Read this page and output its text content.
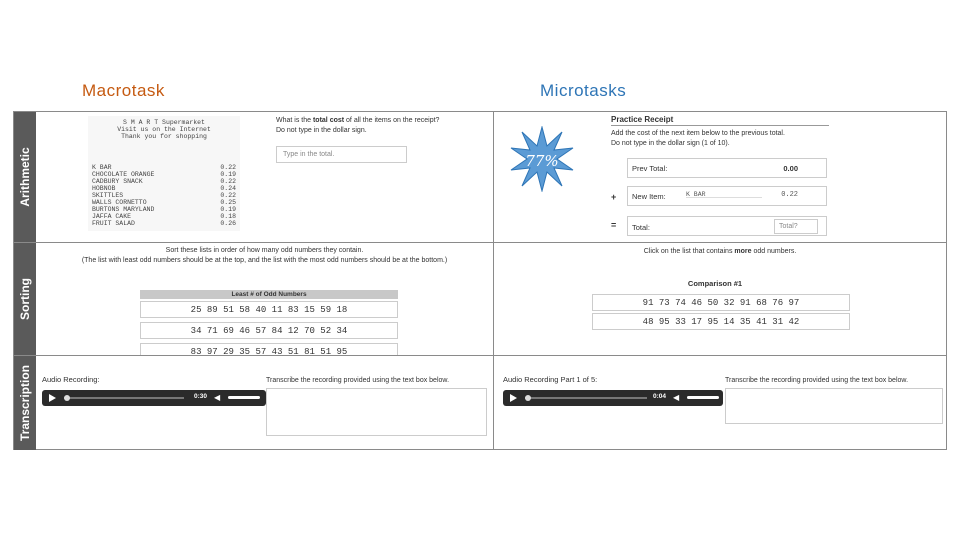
Macrotask	Microtasks
Arithmetic
Sorting
Transcription
S M A R T Supermarket
Visit us on the Internet
Thank you for shopping
K BAR	0.22
CHOCOLATE ORANGE	0.19
CADBURY SNACK	0.22
HOBNOB	0.24
SKITTLES	0.22
WALLS CORNETTO	0.25
BURTONS MARYLAND	0.19
JAFFA CAKE	0.18
FRUIT SALAD	0.26
What is the total cost of all the items on the receipt?
Do not type in the dollar sign.
Type in the total.	77%
Practice Receipt
Add the cost of the next item below to the previous total.
Do not type in the dollar sign (1 of 10).
Prev Total:	0.00
+ New Item:	K BAR	0.22
= Total:	Total?
Sort these lists in order of how many odd numbers they contain.
(The list with least odd numbers should be at the top, and the list with the most odd numbers should be at the bottom.)
Least # of Odd Numbers
25 89 51 58 40 11 83 15 59 18
34 71 69 46 57 84 12 70 52 34
83 97 29 35 57 43 51 81 51 95
Click on the list that contains more odd numbers.
Comparison #1
91 73 74 46 50 32 91 68 76 97
48 95 33 17 95 14 35 41 31 42
Audio Recording:
0:30 ◀
Transcribe the recording provided using the text box below.	Audio Recording Part 1 of 5:
0:04 ◀
Transcribe the recording provided using the text box below.
